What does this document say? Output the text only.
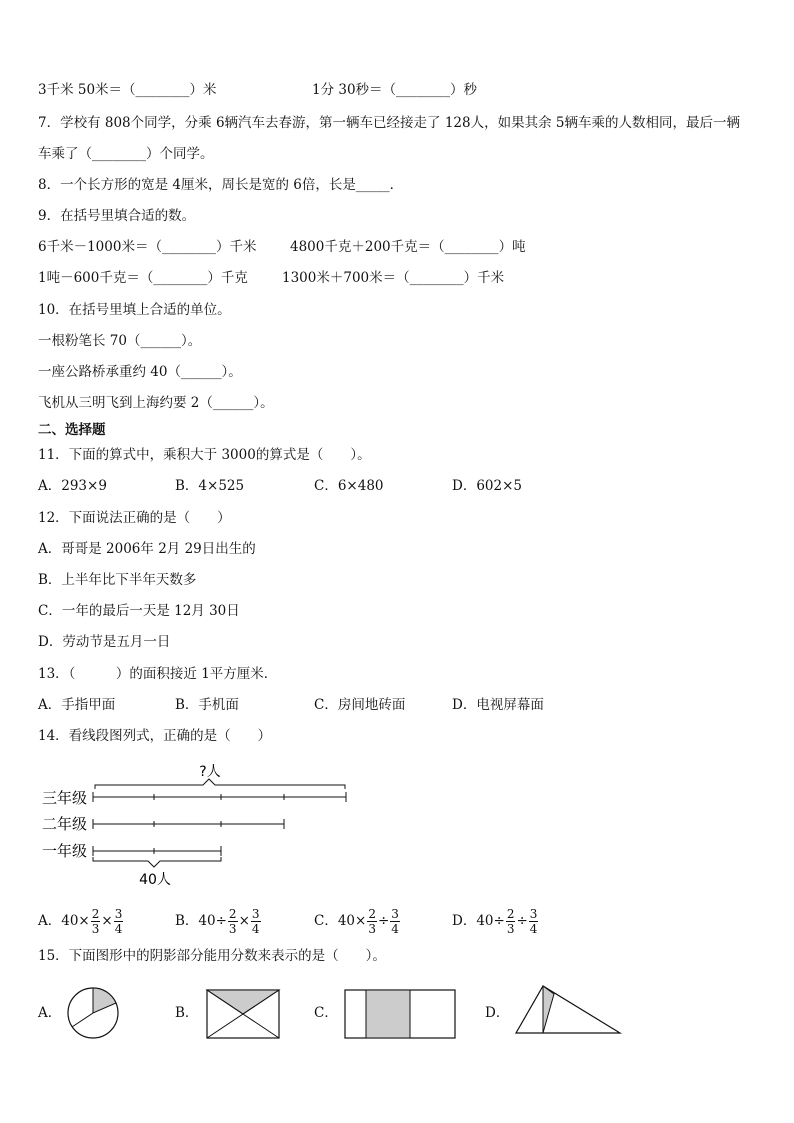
3千米 50米＝（________）米	1分 30秒＝（________）秒
7．学校有 808个同学，分乘 6辆汽车去春游，第一辆车已经接走了 128人，如果其余 5辆车乘的人数相同，最后一辆
车乘了（________）个同学。
8．一个长方形的宽是 4厘米，周长是宽的 6倍，长是_____．
9．在括号里填合适的数。
6千米－1000米＝（________）千米 4800千克＋200千克＝（________）吨
1吨－600千克＝（________）千克	1300米＋700米＝（________）千米
10．在括号里填上合适的单位。
一根粉笔长 70（______）。
一座公路桥承重约 40（______）。
飞机从三明飞到上海约要 2（______）。
二、选择题
11．下面的算式中，乘积大于 3000的算式是（　　）。
A．293×9	B．4×525	C．6×480	D．602×5
12．下面说法正确的是（　　）
A．哥哥是 2006年 2月 29日出生的
B．上半年比下半年天数多
C．一年的最后一天是 12月 30日
D．劳动节是五月一日
13．（　　　）的面积接近 1平方厘米．
A．手指甲面	B．手机面	C．房间地砖面	D．电视屏幕面
14．看线段图列式，正确的是（　　）
?人
三年级
二年级
一年级
40人
A．$40\times \frac{2}{3} \times \frac{3}{4}$	B．$40\div \frac{2}{3} \times \frac{3}{4}$	C．$40\times \frac{2}{3} \div \frac{3}{4}$	D．$40\div \frac{2}{3} \div \frac{3}{4}$
15．下面图形中的阴影部分能用分数来表示的是（　　）。
A．	B．	C．	D．
